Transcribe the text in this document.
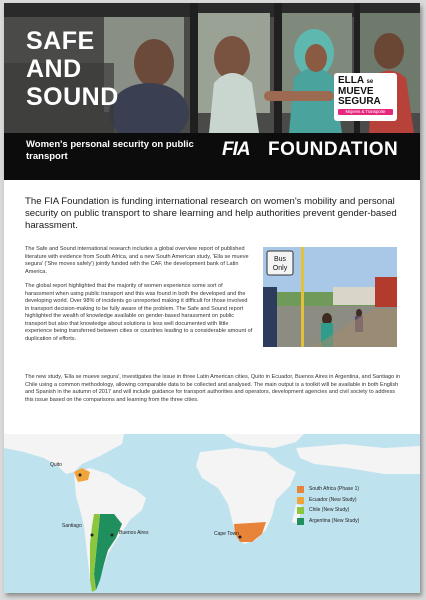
SAFE
AND
SOUND
ELLA se
MUEVE
SEGURA
Mujeres & Transporte
Women's personal security on public transport	FIA FOUNDATION
The FIA Foundation is funding international research on women's mobility and personal security on public transport to share learning and help authorities prevent gender-based harassment.

The Safe and Sound international research includes a global overview report of published literature with evidence from South Africa, and a new South American study, 'Ella se mueve segura' ('She moves safely') jointly funded with the CAF, the development bank of Latin America.

The global report highlighted that the majority of women experience some sort of harassment when using public transport and this was found in both the developed and the developing world. Over 98% of incidents go unreported making it difficult for those involved in transport decision-making to be fully aware of the problem. The Safe and Sound report highlighted the wealth of knowledge available on gender-based harassment on public transport but also that knowledge about solutions is less well documented with little experience being transferred between cities or countries leading to a considerable amount of duplication of efforts.

Bus
Only

The new study, 'Ella se mueve segura', investigates the issue in three Latin American cities, Quito in Ecuador, Buenos Aires in Argentina, and Santiago in Chile using a common methodology, allowing comparable data to be collected and analysed. The main output is a toolkit will be available in both English and Spanish in the autumn of 2017 and will include guidance for transport authorities and operators, development agencies and civil society to address this issue based on the comparisons and learning from the three cities.

Quito
Santiago
Buenos Aires	Cape Town
South Africa (Phase 1)
Ecuador (New Study)
Chile (New Study)
Argentina (New Study)
